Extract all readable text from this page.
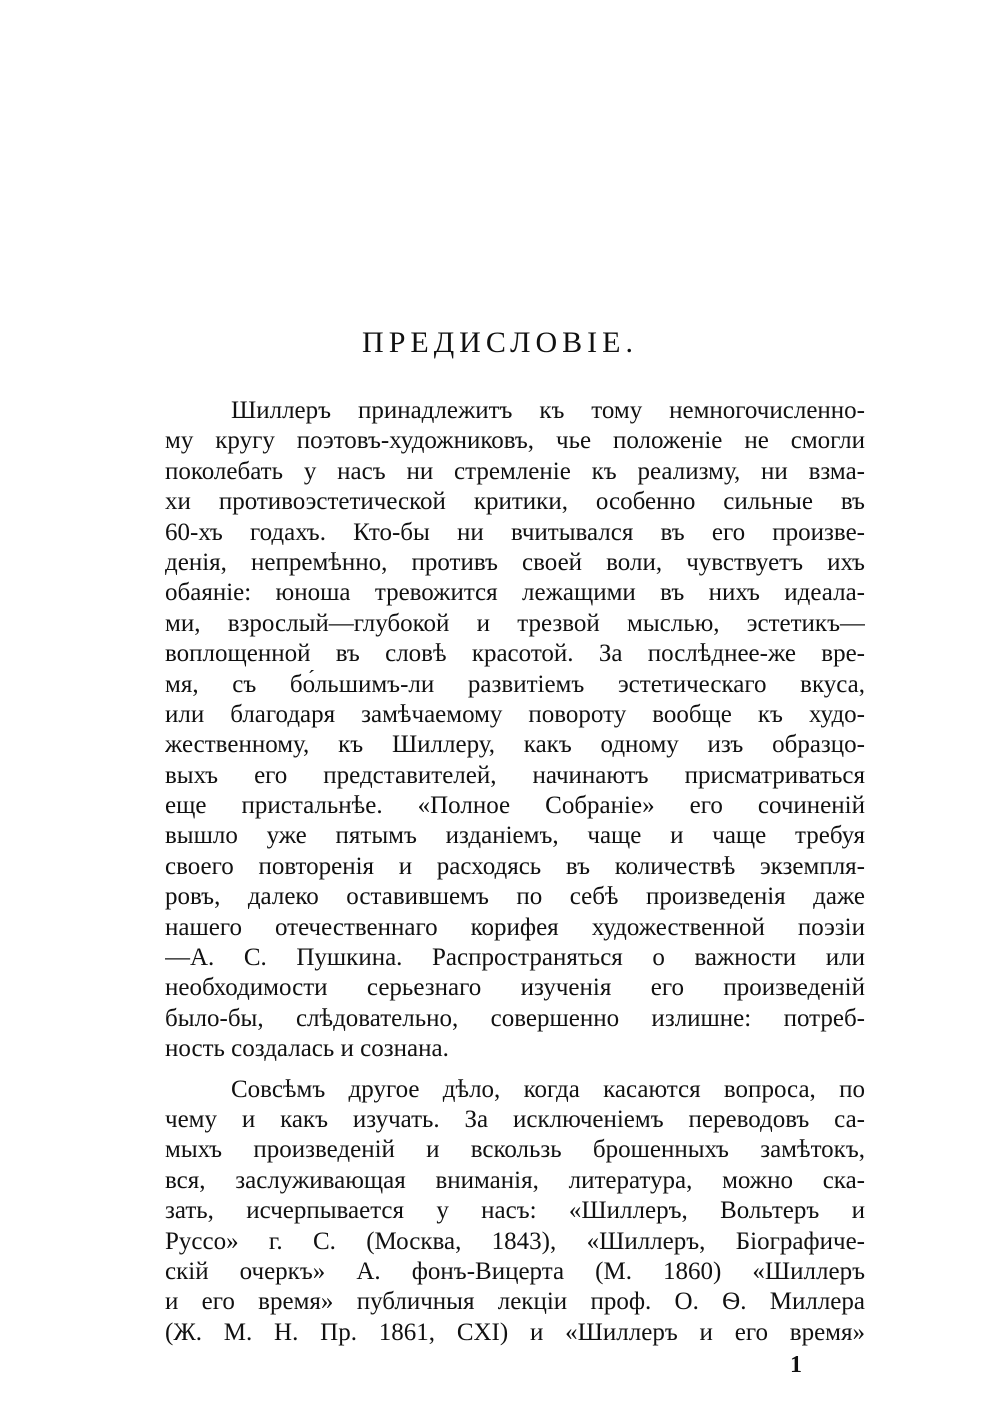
ПРЕДИСЛОВІЕ.
Шиллеръ принадлежитъ къ тому немногочисленно-
му кругу поэтовъ-художниковъ, чье положеніе не смогли
поколебать у насъ ни стремленіе къ реализму, ни взма-
хи противоэстетической критики, особенно сильные въ
60-хъ годахъ. Кто-бы ни вчитывался въ его произве-
денія, непремѣнно, противъ своей воли, чувствуетъ ихъ
обаяніе: юноша тревожится лежащими въ нихъ идеала-
ми, взрослый—глубокой и трезвой мыслью, эстетикъ—
воплощенной въ словѣ красотой. За послѣднее-же вре-
мя, съ бо́льшимъ-ли развитіемъ эстетическаго вкуса,
или благодаря замѣчаемому повороту вообще къ худо-
жественному, къ Шиллеру, какъ одному изъ образцо-
выхъ его представителей, начинаютъ присматриваться
еще пристальнѣе. «Полное Собраніе» его сочиненій
вышло уже пятымъ изданіемъ, чаще и чаще требуя
своего повторенія и расходясь въ количествѣ экземпля-
ровъ, далеко оставившемъ по себѣ произведенія даже
нашего отечественнаго корифея художественной поэзіи
—А. С. Пушкина. Распространяться о важности или
необходимости серьезнаго изученія его произведеній
было-бы, слѣдовательно, совершенно излишне: потреб-
ность создалась и сознана.
Совсѣмъ другое дѣло, когда касаются вопроса, по
чему и какъ изучать. За исключеніемъ переводовъ са-
мыхъ произведеній и вскользь брошенныхъ замѣтокъ,
вся, заслуживающая вниманія, литература, можно ска-
зать, исчерпывается у насъ: «Шиллеръ, Вольтеръ и
Руссо» г. С. (Москва, 1843), «Шиллеръ, Біографиче-
скій очеркъ» А. фонъ-Вицерта (М. 1860) «Шиллеръ
и его время» публичныя лекціи проф. О. Ѳ. Миллера
(Ж. М. Н. Пр. 1861, CXI) и «Шиллеръ и его время»
1
